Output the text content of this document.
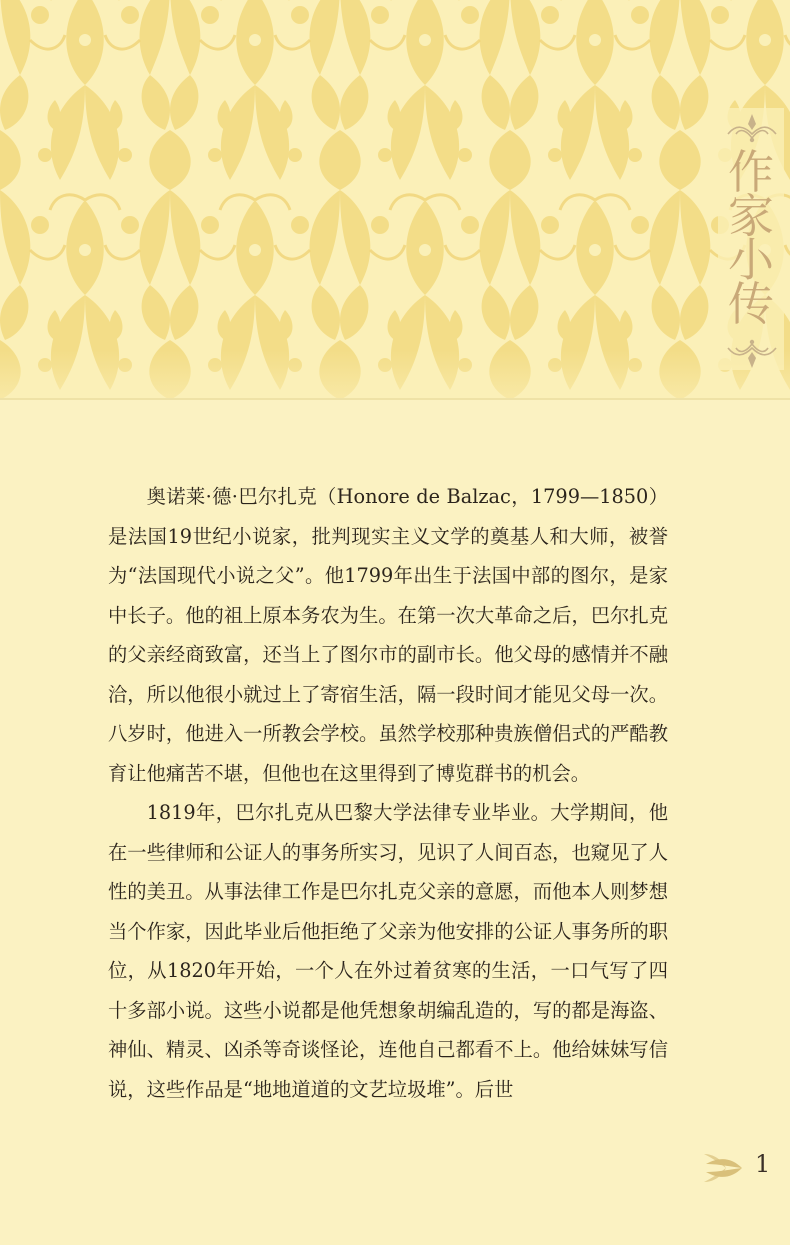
作
家
小
传

奥诺莱·德·巴尔扎克（Honore de Balzac，1799—1850）是法国19世纪小说家，批判现实主义文学的奠基人和大师，被誉为“法国现代小说之父”。他1799年出生于法国中部的图尔，是家中长子。他的祖上原本务农为生。在第一次大革命之后，巴尔扎克的父亲经商致富，还当上了图尔市的副市长。他父母的感情并不融洽，所以他很小就过上了寄宿生活，隔一段时间才能见父母一次。八岁时，他进入一所教会学校。虽然学校那种贵族僧侣式的严酷教育让他痛苦不堪，但他也在这里得到了博览群书的机会。

1819年，巴尔扎克从巴黎大学法律专业毕业。大学期间，他在一些律师和公证人的事务所实习，见识了人间百态，也窥见了人性的美丑。从事法律工作是巴尔扎克父亲的意愿，而他本人则梦想当个作家，因此毕业后他拒绝了父亲为他安排的公证人事务所的职位，从1820年开始，一个人在外过着贫寒的生活，一口气写了四十多部小说。这些小说都是他凭想象胡编乱造的，写的都是海盗、神仙、精灵、凶杀等奇谈怪论，连他自己都看不上。他给妹妹写信说，这些作品是“地地道道的文艺垃圾堆”。后世

1
